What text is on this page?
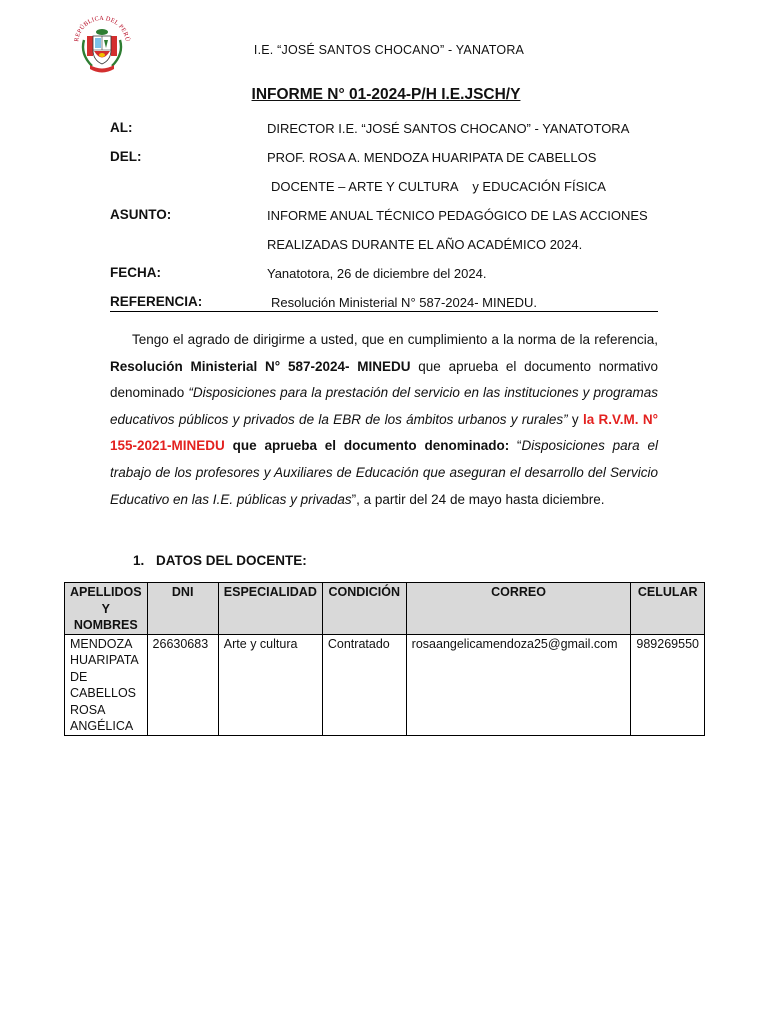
REPÚBLICA DEL PERÚ
I.E. “JOSÉ SANTOS CHOCANO” - YANATORA
INFORME N° 01-2024-P/H I.E.JSCH/Y
AL:	DIRECTOR I.E. “JOSÉ SANTOS CHOCANO” - YANATOTORA
DEL:	PROF. ROSA A. MENDOZA HUARIPATA DE CABELLOS
DOCENTE – ARTE Y CULTURA    y EDUCACIÓN FÍSICA
ASUNTO:	INFORME ANUAL TÉCNICO PEDAGÓGICO DE LAS ACCIONES
REALIZADAS DURANTE EL AÑO ACADÉMICO 2024.
FECHA:	Yanatotora, 26 de diciembre del 2024.
REFERENCIA:	Resolución Ministerial N° 587-2024- MINEDU.
Tengo el agrado de dirigirme a usted, que en cumplimiento a la norma de la referencia, Resolución Ministerial N° 587-2024- MINEDU que aprueba el documento normativo denominado “Disposiciones para la prestación del servicio en las instituciones y programas educativos públicos y privados de la EBR de los ámbitos urbanos y rurales” y la R.V.M. N° 155-2021-MINEDU que aprueba el documento denominado: “Disposiciones para el trabajo de los profesores y Auxiliares de Educación que aseguran el desarrollo del Servicio Educativo en las I.E. públicas y privadas”, a partir del 24 de mayo hasta diciembre.
1. DATOS DEL DOCENTE:
APELLIDOS Y NOMBRES	DNI	ESPECIALIDAD	CONDICIÓN	CORREO	CELULAR
MENDOZA HUARIPATA DE CABELLOS ROSA ANGÉLICA	26630683	Arte y cultura	Contratado	rosaangelicamendoza25@gmail.com	989269550
